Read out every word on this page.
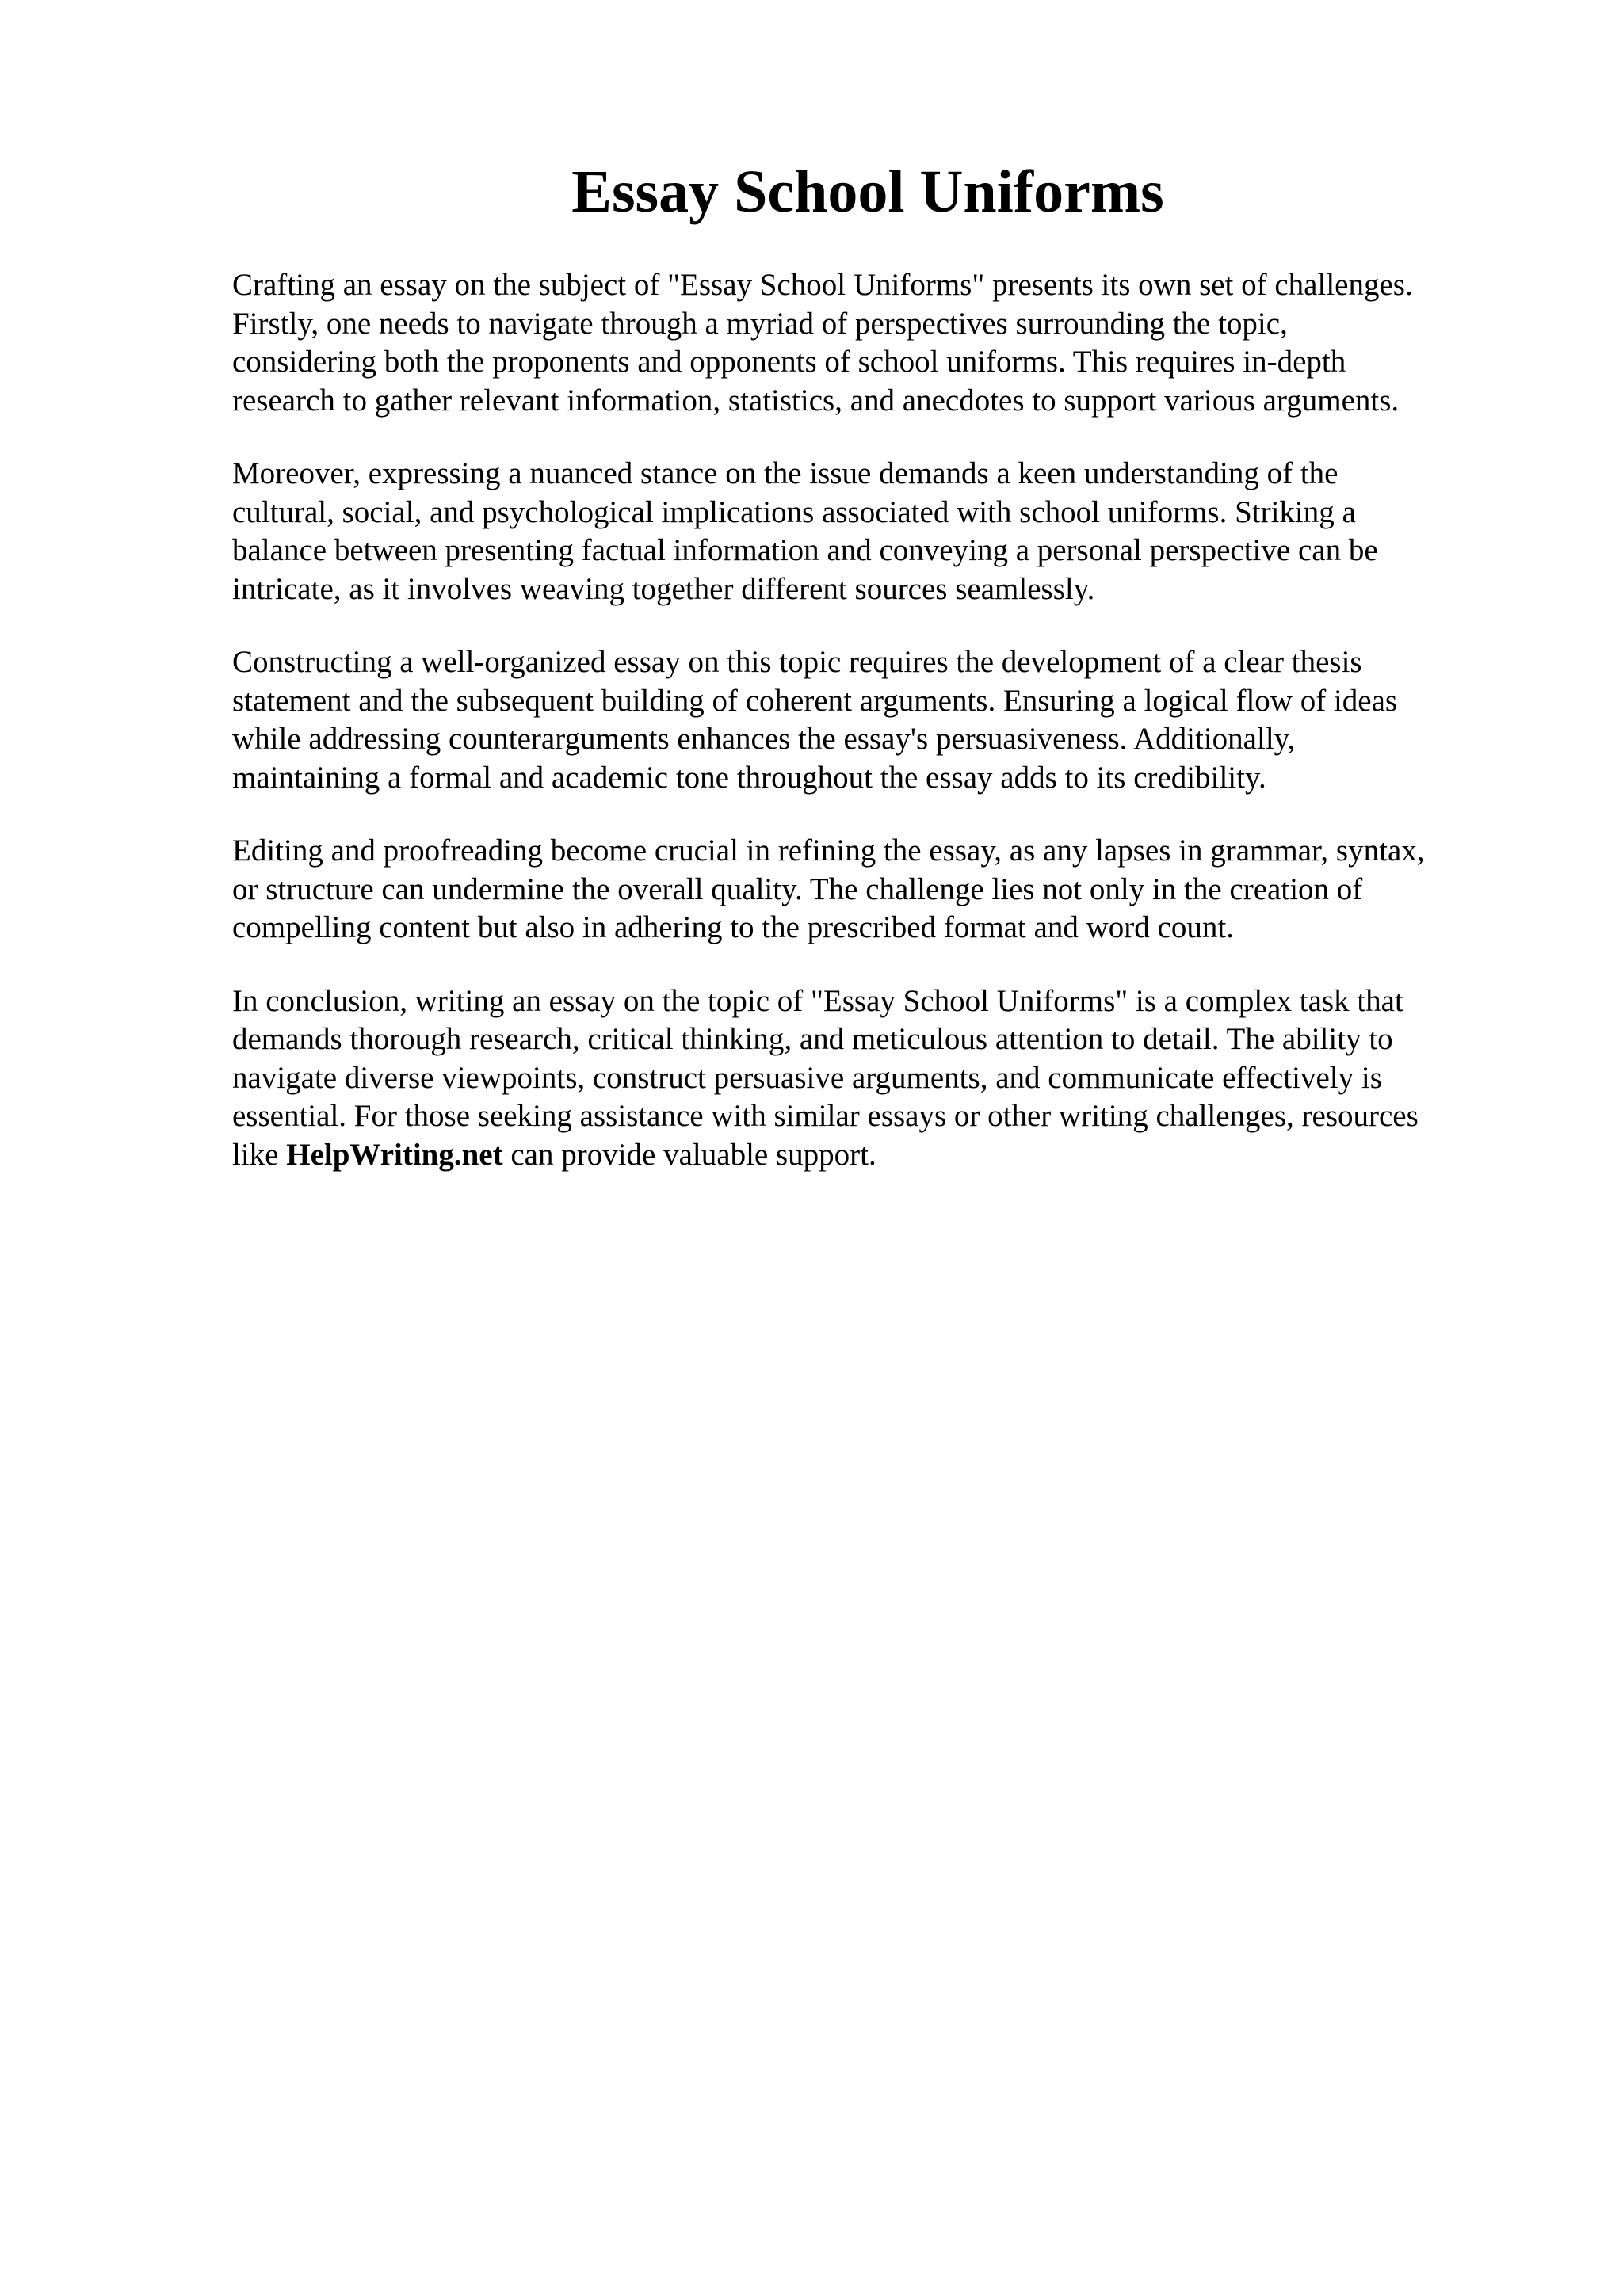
Essay School Uniforms

Crafting an essay on the subject of "Essay School Uniforms" presents its own set of challenges.
Firstly, one needs to navigate through a myriad of perspectives surrounding the topic,
considering both the proponents and opponents of school uniforms. This requires in-depth
research to gather relevant information, statistics, and anecdotes to support various arguments.

Moreover, expressing a nuanced stance on the issue demands a keen understanding of the
cultural, social, and psychological implications associated with school uniforms. Striking a
balance between presenting factual information and conveying a personal perspective can be
intricate, as it involves weaving together different sources seamlessly.

Constructing a well-organized essay on this topic requires the development of a clear thesis
statement and the subsequent building of coherent arguments. Ensuring a logical flow of ideas
while addressing counterarguments enhances the essay's persuasiveness. Additionally,
maintaining a formal and academic tone throughout the essay adds to its credibility.

Editing and proofreading become crucial in refining the essay, as any lapses in grammar, syntax,
or structure can undermine the overall quality. The challenge lies not only in the creation of
compelling content but also in adhering to the prescribed format and word count.

In conclusion, writing an essay on the topic of "Essay School Uniforms" is a complex task that
demands thorough research, critical thinking, and meticulous attention to detail. The ability to
navigate diverse viewpoints, construct persuasive arguments, and communicate effectively is
essential. For those seeking assistance with similar essays or other writing challenges, resources
like HelpWriting.net can provide valuable support.
